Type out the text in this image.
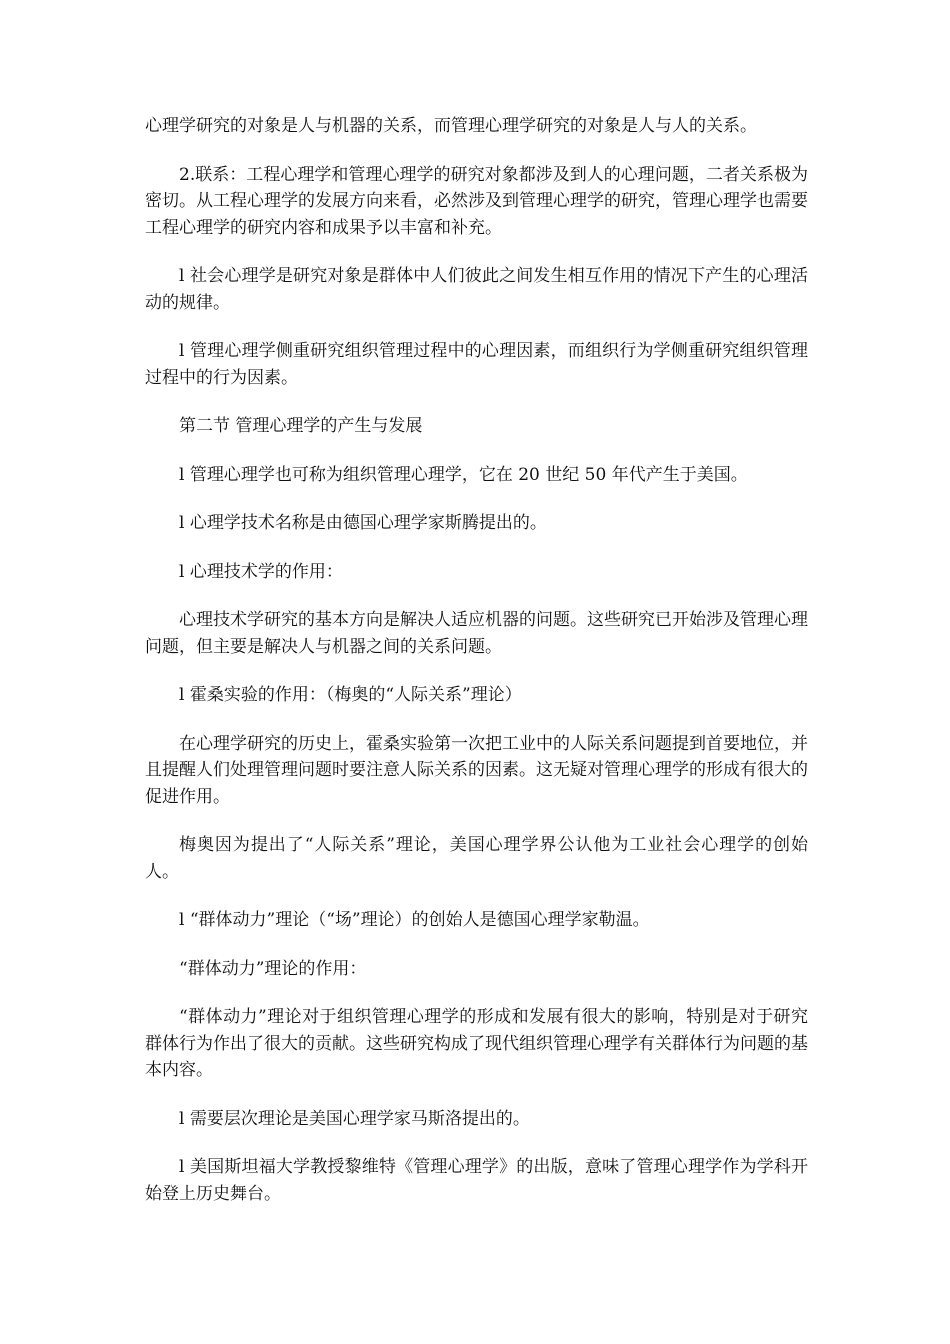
心理学研究的对象是人与机器的关系，而管理心理学研究的对象是人与人的关系。

2.联系：工程心理学和管理心理学的研究对象都涉及到人的心理问题，二者关系极为密切。从工程心理学的发展方向来看，必然涉及到管理心理学的研究，管理心理学也需要工程心理学的研究内容和成果予以丰富和补充。

l 社会心理学是研究对象是群体中人们彼此之间发生相互作用的情况下产生的心理活动的规律。

l 管理心理学侧重研究组织管理过程中的心理因素，而组织行为学侧重研究组织管理过程中的行为因素。

第二节 管理心理学的产生与发展

l 管理心理学也可称为组织管理心理学，它在 20 世纪 50 年代产生于美国。

l 心理学技术名称是由德国心理学家斯腾提出的。

l 心理技术学的作用：

心理技术学研究的基本方向是解决人适应机器的问题。这些研究已开始涉及管理心理问题，但主要是解决人与机器之间的关系问题。

l 霍桑实验的作用：（梅奥的“人际关系”理论）

在心理学研究的历史上，霍桑实验第一次把工业中的人际关系问题提到首要地位，并且提醒人们处理管理问题时要注意人际关系的因素。这无疑对管理心理学的形成有很大的促进作用。

梅奥因为提出了“人际关系”理论，美国心理学界公认他为工业社会心理学的创始人。

l “群体动力”理论（“场”理论）的创始人是德国心理学家勒温。

“群体动力”理论的作用：

“群体动力”理论对于组织管理心理学的形成和发展有很大的影响，特别是对于研究群体行为作出了很大的贡献。这些研究构成了现代组织管理心理学有关群体行为问题的基本内容。

l 需要层次理论是美国心理学家马斯洛提出的。

l 美国斯坦福大学教授黎维特《管理心理学》的出版，意味了管理心理学作为学科开始登上历史舞台。
